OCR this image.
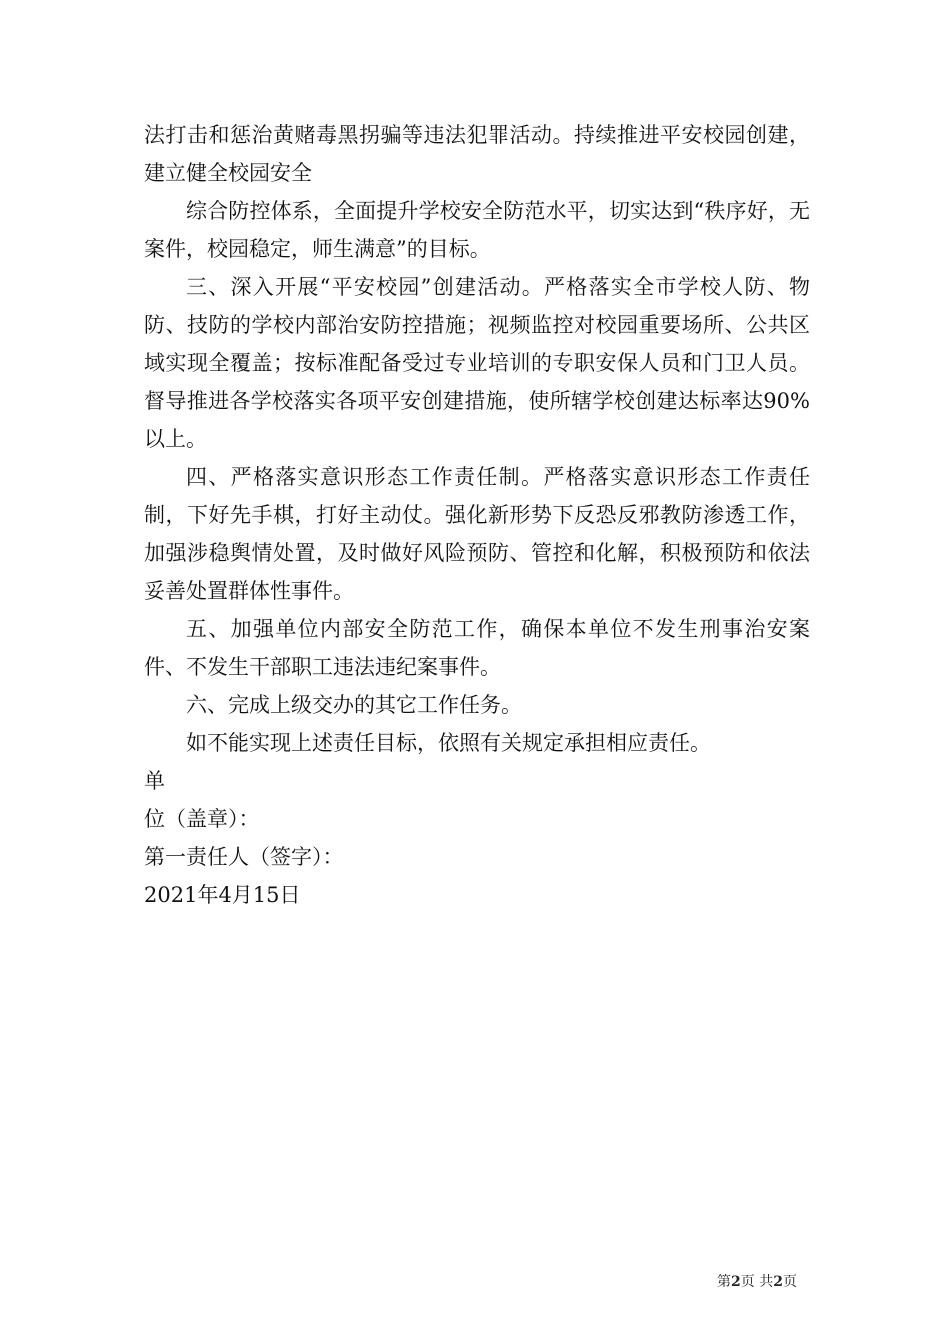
法打击和惩治黄赌毒黑拐骗等违法犯罪活动。持续推进平安校园创建，建立健全校园安全

综合防控体系，全面提升学校安全防范水平，切实达到“秩序好，无案件，校园稳定，师生满意”的目标。

三、深入开展“平安校园”创建活动。严格落实全市学校人防、物防、技防的学校内部治安防控措施；视频监控对校园重要场所、公共区域实现全覆盖；按标准配备受过专业培训的专职安保人员和门卫人员。督导推进各学校落实各项平安创建措施，使所辖学校创建达标率达90%以上。

四、严格落实意识形态工作责任制。严格落实意识形态工作责任制，下好先手棋，打好主动仗。强化新形势下反恐反邪教防渗透工作，加强涉稳舆情处置，及时做好风险预防、管控和化解，积极预防和依法妥善处置群体性事件。

五、加强单位内部安全防范工作，确保本单位不发生刑事治安案件、不发生干部职工违法违纪案事件。

六、完成上级交办的其它工作任务。

如不能实现上述责任目标，依照有关规定承担相应责任。

单

位（盖章）：

第一责任人（签字）：

2021年4月15日

第2页 共2页
